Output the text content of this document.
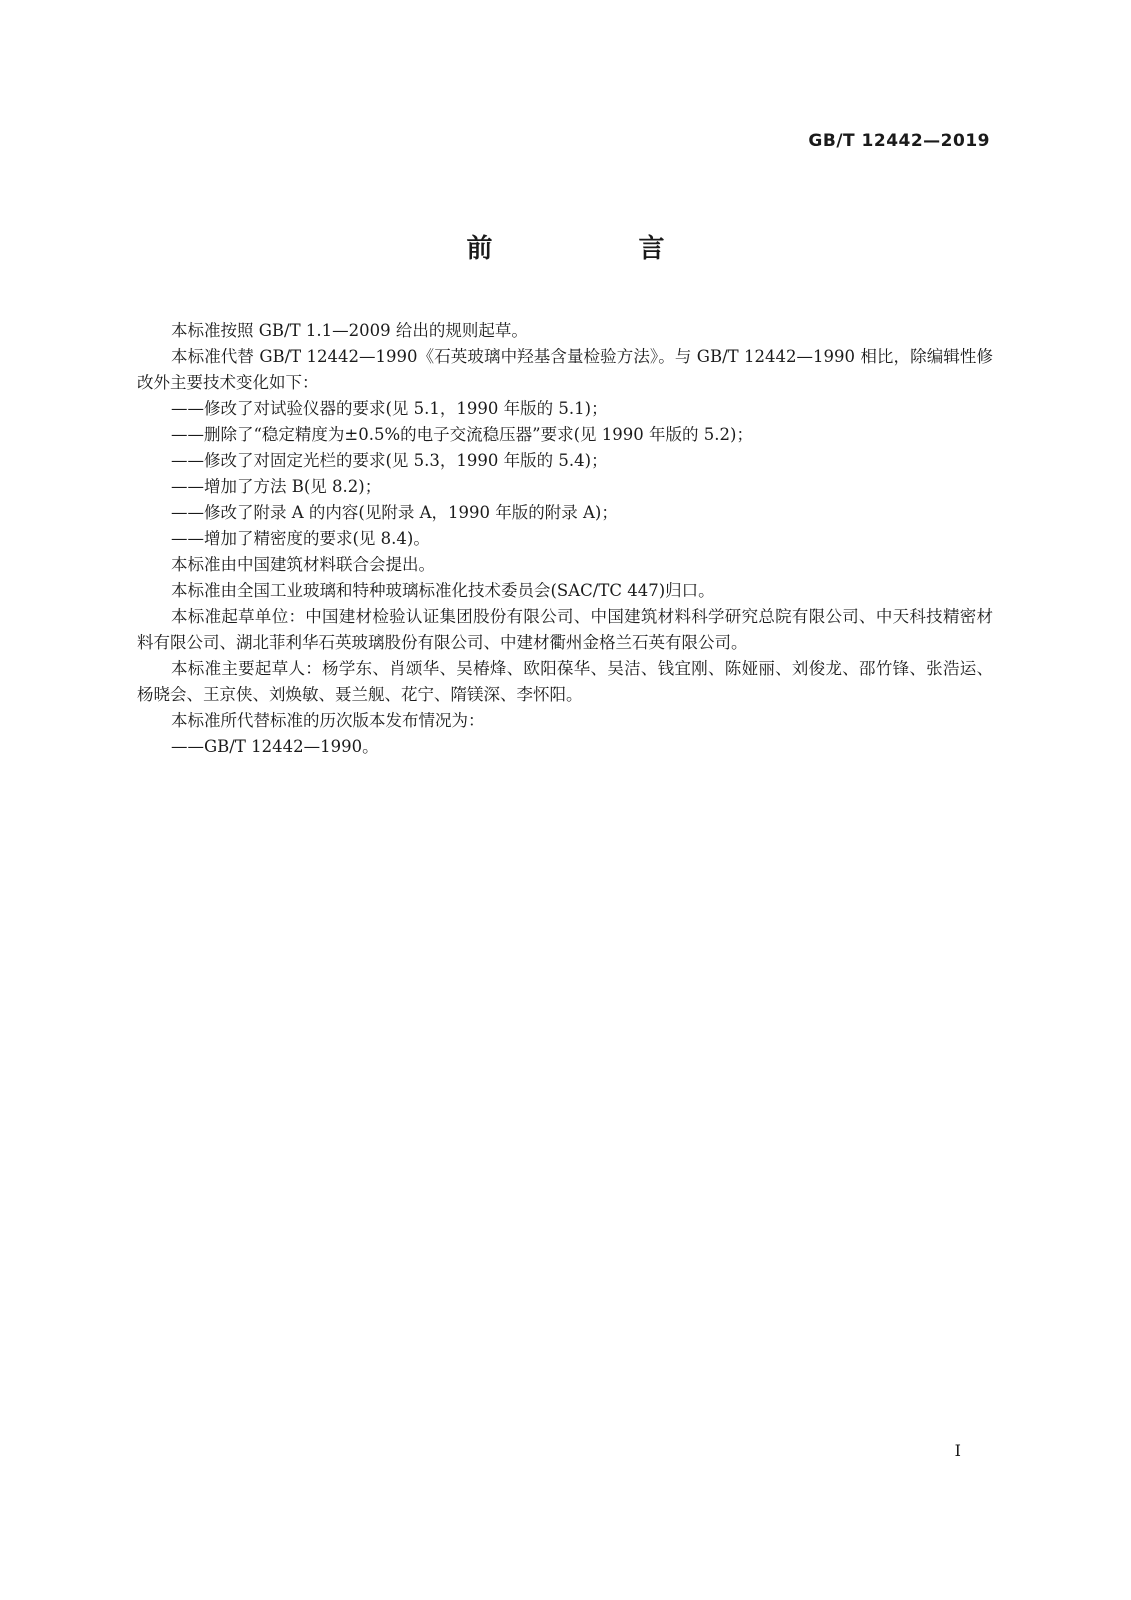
GB/T 12442—2019
前　言

本标准按照 GB/T 1.1—2009 给出的规则起草。

本标准代替 GB/T 12442—1990《石英玻璃中羟基含量检验方法》。与 GB/T 12442—1990 相比，除编辑性修改外主要技术变化如下：

——修改了对试验仪器的要求(见 5.1，1990 年版的 5.1)；

——删除了“稳定精度为±0.5%的电子交流稳压器”要求(见 1990 年版的 5.2)；

——修改了对固定光栏的要求(见 5.3，1990 年版的 5.4)；

——增加了方法 B(见 8.2)；

——修改了附录 A 的内容(见附录 A，1990 年版的附录 A)；

——增加了精密度的要求(见 8.4)。

本标准由中国建筑材料联合会提出。

本标准由全国工业玻璃和特种玻璃标准化技术委员会(SAC/TC 447)归口。

本标准起草单位：中国建材检验认证集团股份有限公司、中国建筑材料科学研究总院有限公司、中天科技精密材料有限公司、湖北菲利华石英玻璃股份有限公司、中建材衢州金格兰石英有限公司。

本标准主要起草人：杨学东、肖颂华、吴椿烽、欧阳葆华、吴洁、钱宜刚、陈娅丽、刘俊龙、邵竹锋、张浩运、杨晓会、王京侠、刘焕敏、聂兰舰、花宁、隋镁深、李怀阳。

本标准所代替标准的历次版本发布情况为：

——GB/T 12442—1990。

I
